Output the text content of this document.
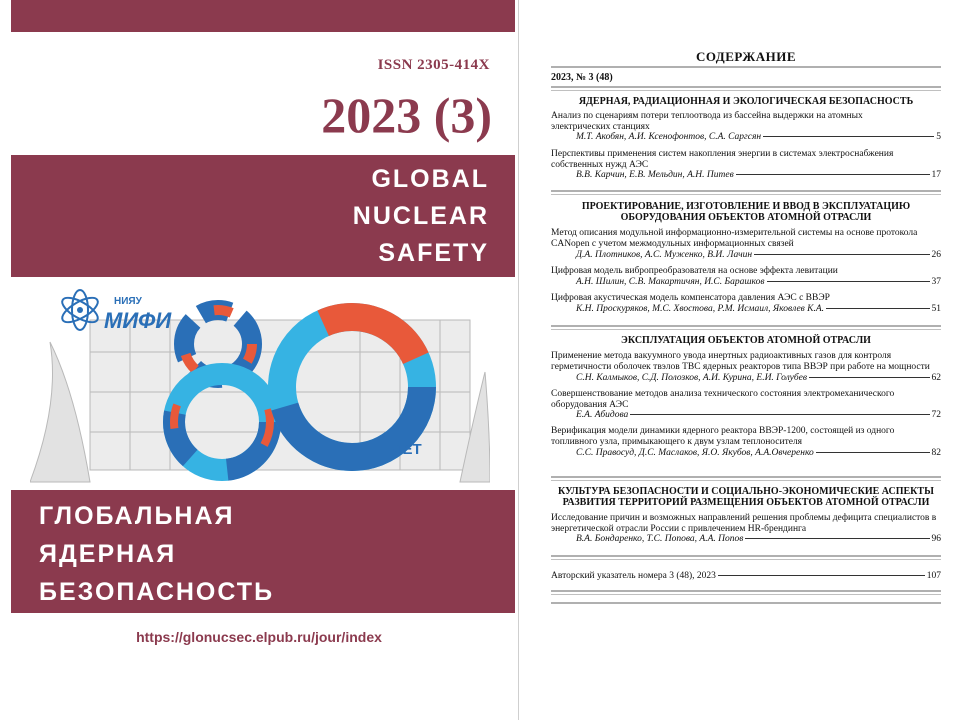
ISSN 2305-414X
2023 (3)
GLOBAL
NUCLEAR
SAFETY
НИЯУ
МИФИ
ЛЕТ
ГЛОБАЛЬНАЯ
ЯДЕРНАЯ
БЕЗОПАСНОСТЬ
https://glonucsec.elpub.ru/jour/index
СОДЕРЖАНИЕ
2023, № 3 (48)
ЯДЕРНАЯ, РАДИАЦИОННАЯ И ЭКОЛОГИЧЕСКАЯ БЕЗОПАСНОСТЬ
Анализ по сценариям потери теплоотвода из бассейна выдержки на атомных
электрических станциях
М.Т. Акобян, А.И. Ксенофонтов, С.А. Саргсян	5
Перспективы применения систем накопления энергии в системах электроснабжения
собственных нужд АЭС
В.В. Карчин, Е.В. Мельдин, А.Н. Питев	17
ПРОЕКТИРОВАНИЕ, ИЗГОТОВЛЕНИЕ И ВВОД В ЭКСПЛУАТАЦИЮ
ОБОРУДОВАНИЯ ОБЪЕКТОВ АТОМНОЙ ОТРАСЛИ
Метод описания модульной информационно-измерительной системы на основе протокола
CANopen с учетом межмодульных информационных связей
Д.А. Плотников, А.С. Муженко, В.И. Лачин	26
Цифровая модель вибропреобразователя на основе эффекта левитации
А.Н. Шилин, С.В. Макартичян, И.С. Барашков	37
Цифровая акустическая модель компенсатора давления АЭС с ВВЭР
К.Н. Проскуряков, М.С. Хвостова, Р.М. Исмаил, Яковлев К.А.	51
ЭКСПЛУАТАЦИЯ ОБЪЕКТОВ АТОМНОЙ ОТРАСЛИ
Применение метода вакуумного увода инертных радиоактивных газов для контроля
герметичности оболочек твэлов ТВС ядерных реакторов типа ВВЭР при работе на мощности
С.Н. Калмыков, С.Д. Полозков, А.И. Курина, Е.И. Голубев	62
Совершенствование методов анализа технического состояния электромеханического
оборудования АЭС
Е.А. Абидова	72
Верификация модели динамики ядерного реактора ВВЭР-1200, состоящей из одного
топливного узла, примыкающего к двум узлам теплоносителя
С.С. Правосуд, Д.С. Маслаков, Я.О. Якубов, А.А.Овчеренко	82
КУЛЬТУРА БЕЗОПАСНОСТИ И СОЦИАЛЬНО-ЭКОНОМИЧЕСКИЕ АСПЕКТЫ
РАЗВИТИЯ ТЕРРИТОРИЙ РАЗМЕЩЕНИЯ ОБЪЕКТОВ АТОМНОЙ ОТРАСЛИ
Исследование причин и возможных направлений решения проблемы дефицита специалистов в
энергетической отрасли России с привлечением HR-брендинга
В.А. Бондаренко, Т.С. Попова, А.А. Попов	96
Авторский указатель номера 3 (48), 2023	107
